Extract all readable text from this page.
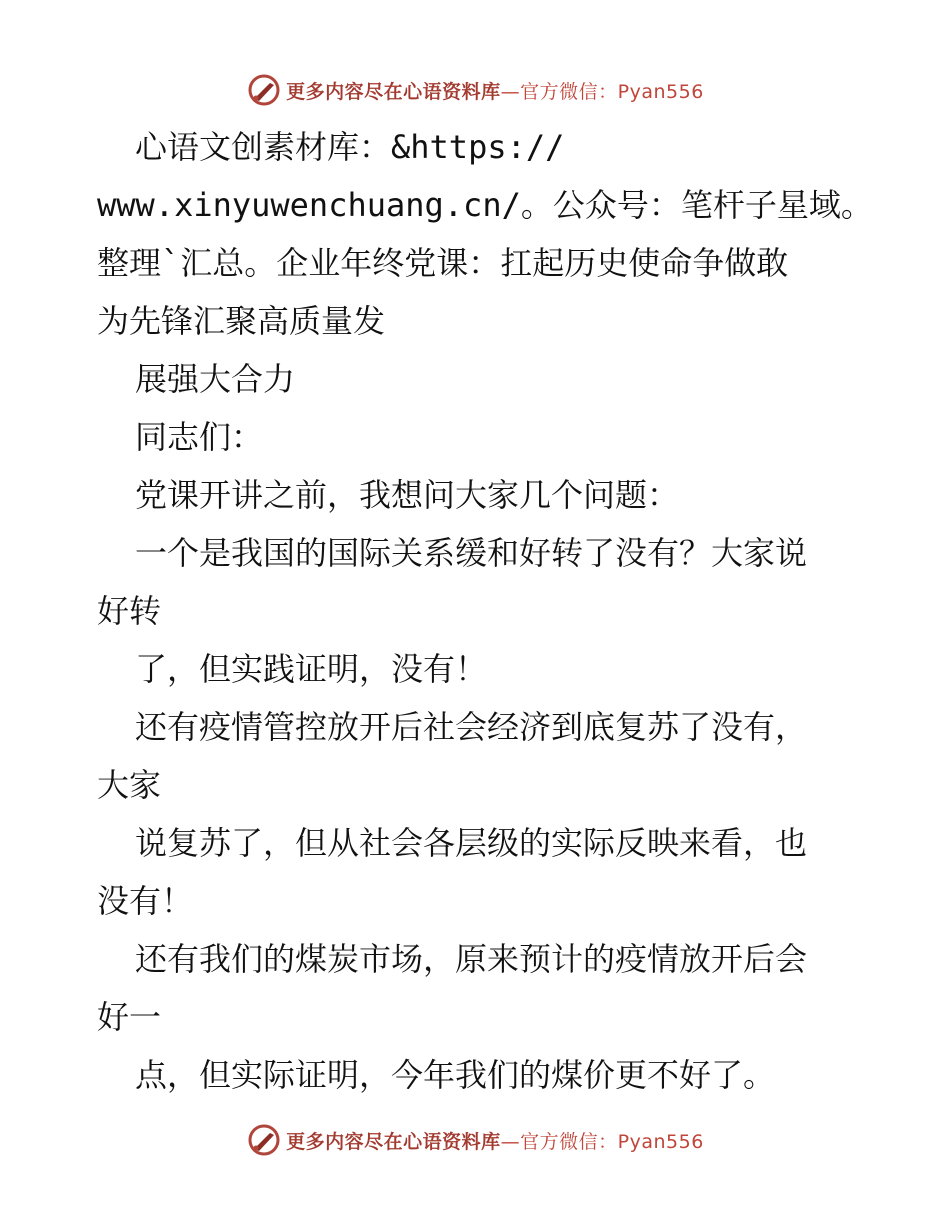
更多内容尽在心语资料库 —官方微信：Pyan556
心语文创素材库：&https://
www.xinyuwenchuang.cn/。公众号：笔杆子星域。
整理`汇总。企业年终党课：扛起历史使命争做敢
为先锋汇聚高质量发
展强大合力
同志们：
党课开讲之前，我想问大家几个问题：
一个是我国的国际关系缓和好转了没有？大家说
好转
了，但实践证明，没有！
还有疫情管控放开后社会经济到底复苏了没有，
大家
说复苏了，但从社会各层级的实际反映来看，也
没有！
还有我们的煤炭市场，原来预计的疫情放开后会
好一
点，但实际证明，今年我们的煤价更不好了。
更多内容尽在心语资料库 —官方微信：Pyan556
